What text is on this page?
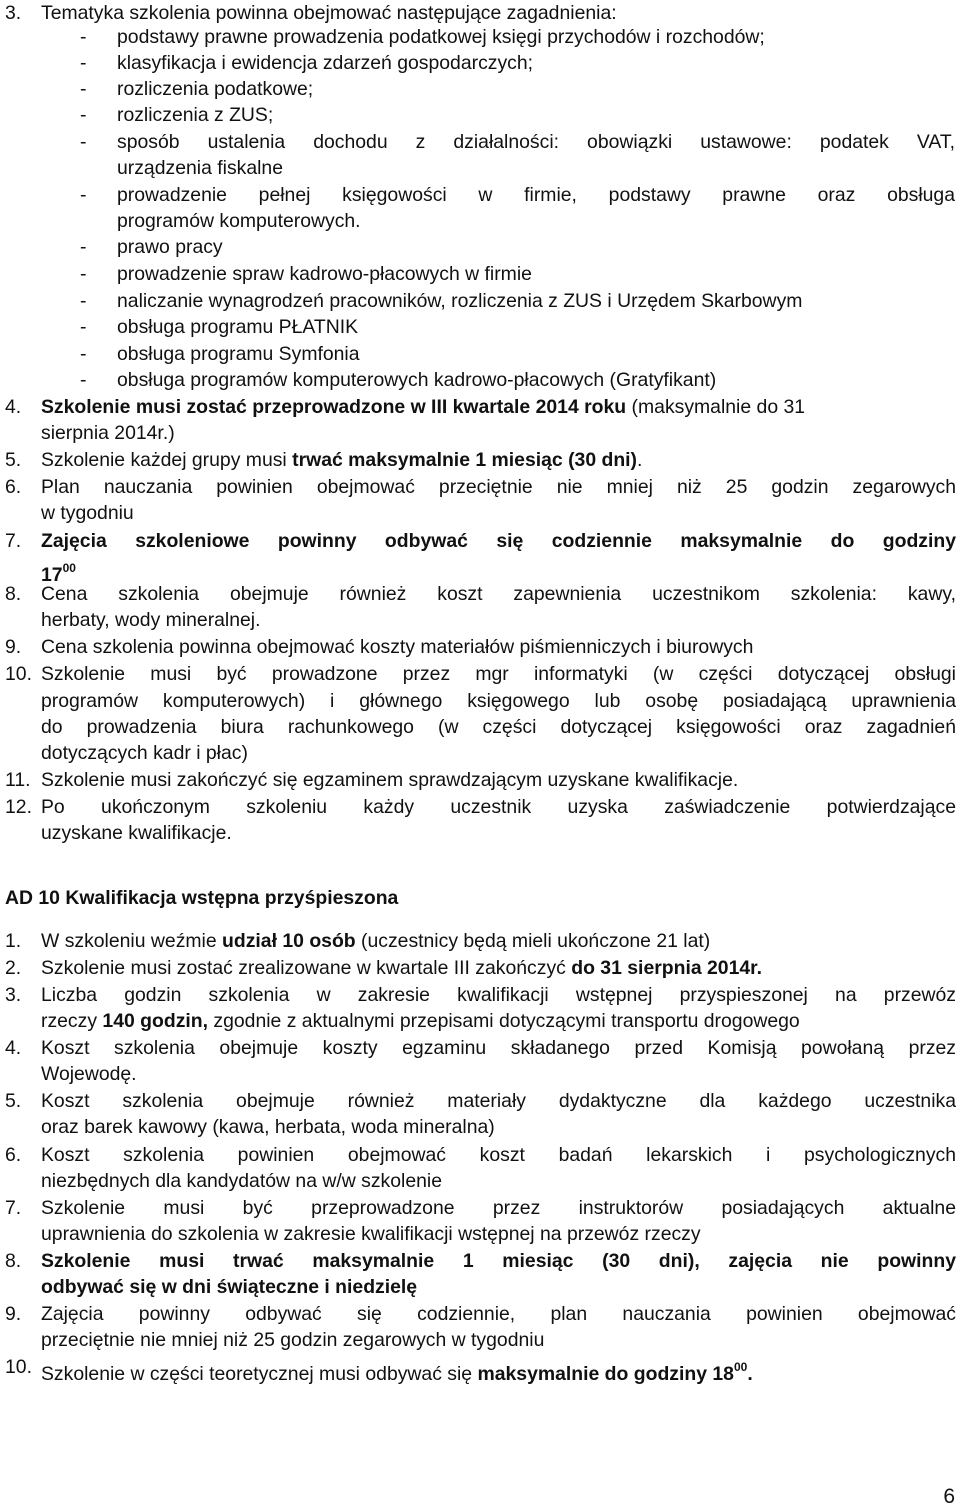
3. Tematyka szkolenia powinna obejmować następujące zagadnienia:
- podstawy prawne prowadzenia podatkowej księgi przychodów i rozchodów;
- klasyfikacja i ewidencja zdarzeń gospodarczych;
- rozliczenia podatkowe;
- rozliczenia z ZUS;
- sposób ustalenia dochodu z działalności: obowiązki ustawowe: podatek VAT,
urządzenia fiskalne
- prowadzenie pełnej księgowości w firmie, podstawy prawne oraz obsługa
programów komputerowych.
- prawo pracy
- prowadzenie spraw kadrowo-płacowych w firmie
- naliczanie wynagrodzeń pracowników, rozliczenia z ZUS i Urzędem Skarbowym
- obsługa programu PŁATNIK
- obsługa programu Symfonia
- obsługa programów komputerowych kadrowo-płacowych (Gratyfikant)
4. Szkolenie musi zostać przeprowadzone w III kwartale 2014 roku (maksymalnie do 31
sierpnia 2014r.)
5. Szkolenie każdej grupy musi trwać maksymalnie 1 miesiąc (30 dni).
6. Plan nauczania powinien obejmować przeciętnie nie mniej niż 25 godzin zegarowych
w tygodniu
7. Zajęcia szkoleniowe powinny odbywać się codziennie maksymalnie do godziny
$17^{00}$
8. Cena szkolenia obejmuje również koszt zapewnienia uczestnikom szkolenia: kawy,
herbaty, wody mineralnej.
9. Cena szkolenia powinna obejmować koszty materiałów piśmienniczych i biurowych
10. Szkolenie musi być prowadzone przez mgr informatyki (w części dotyczącej obsługi
programów komputerowych) i głównego księgowego lub osobę posiadającą uprawnienia
do prowadzenia biura rachunkowego (w części dotyczącej księgowości oraz zagadnień
dotyczących kadr i płac)
11. Szkolenie musi zakończyć się egzaminem sprawdzającym uzyskane kwalifikacje.
12. Po ukończonym szkoleniu każdy uczestnik uzyska zaświadczenie potwierdzające
uzyskane kwalifikacje.
AD 10 Kwalifikacja wstępna przyśpieszona
1. W szkoleniu weźmie udział 10 osób (uczestnicy będą mieli ukończone 21 lat)
2. Szkolenie musi zostać zrealizowane w kwartale III zakończyć do 31 sierpnia 2014r.
3. Liczba godzin szkolenia w zakresie kwalifikacji wstępnej przyspieszonej na przewóz
rzeczy 140 godzin, zgodnie z aktualnymi przepisami dotyczącymi transportu drogowego
4. Koszt szkolenia obejmuje koszty egzaminu składanego przed Komisją powołaną przez
Wojewodę.
5. Koszt szkolenia obejmuje również materiały dydaktyczne dla każdego uczestnika
oraz barek kawowy (kawa, herbata, woda mineralna)
6. Koszt szkolenia powinien obejmować koszt badań lekarskich i psychologicznych
niezbędnych dla kandydatów na w/w szkolenie
7. Szkolenie musi być przeprowadzone przez instruktorów posiadających aktualne
uprawnienia do szkolenia w zakresie kwalifikacji wstępnej na przewóz rzeczy
8. Szkolenie musi trwać maksymalnie 1 miesiąc (30 dni), zajęcia nie powinny
odbywać się w dni świąteczne i niedzielę
9. Zajęcia powinny odbywać się codziennie, plan nauczania powinien obejmować
przeciętnie nie mniej niż 25 godzin zegarowych w tygodniu
10. Szkolenie w części teoretycznej musi odbywać się maksymalnie do godziny $18^{00}$.
6
